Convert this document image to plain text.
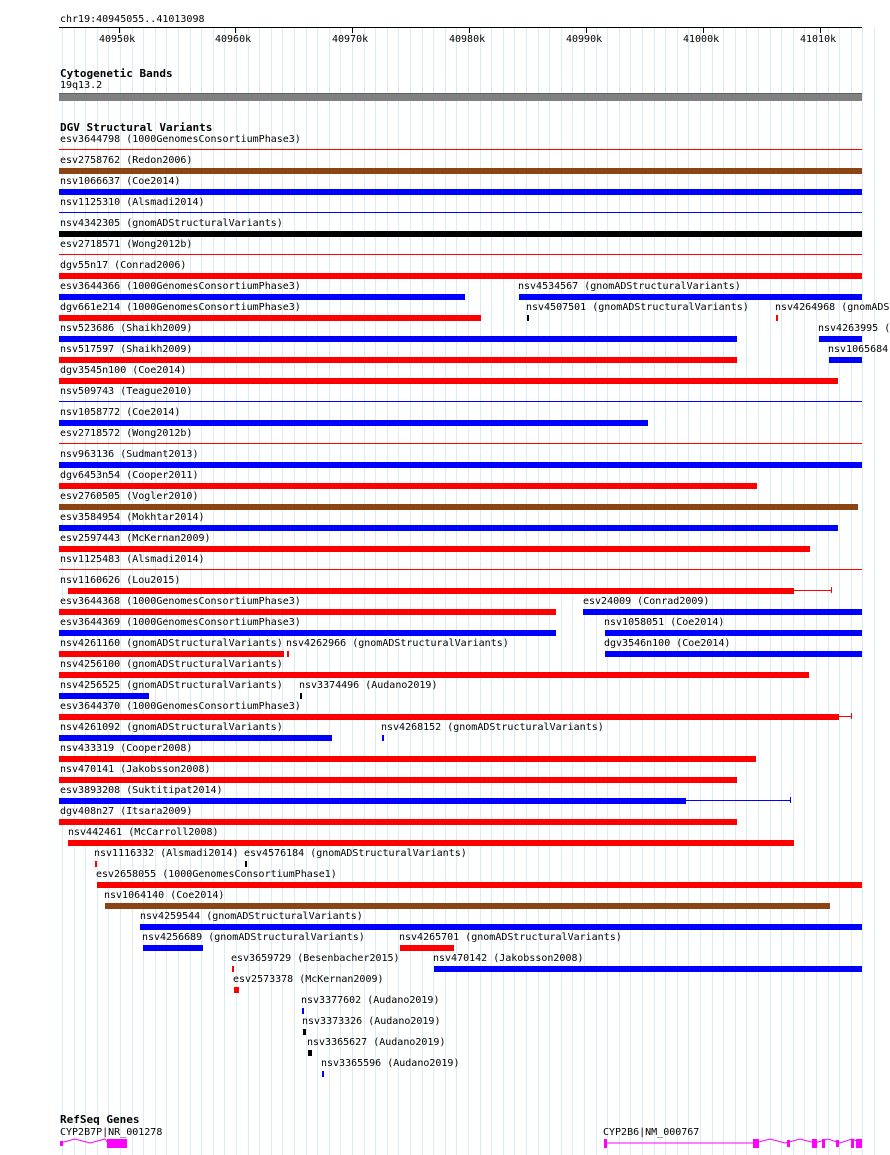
chr19:40945055..41013098
40950k	40960k	40970k	40980k	40990k	41000k	41010k
Cytogenetic Bands
19q13.2
DGV Structural Variants
esv3644798 (1000GenomesConsortiumPhase3)
esv2758762 (Redon2006)
nsv1066637 (Coe2014)
nsv1125310 (Alsmadi2014)
nsv4342305 (gnomADStructuralVariants)
esv2718571 (Wong2012b)
dgv55n17 (Conrad2006)
esv3644366 (1000GenomesConsortiumPhase3)	nsv4534567 (gnomADStructuralVariants)
dgv661e214 (1000GenomesConsortiumPhase3)	nsv4507501 (gnomADStructuralVariants)	nsv4264968 (gnomADS
nsv523686 (Shaikh2009)	nsv4263995 (
nsv517597 (Shaikh2009)	nsv1065684
dgv3545n100 (Coe2014)
nsv509743 (Teague2010)
nsv1058772 (Coe2014)
esv2718572 (Wong2012b)
nsv963136 (Sudmant2013)
dgv6453n54 (Cooper2011)
esv2760505 (Vogler2010)
esv3584954 (Mokhtar2014)
esv2597443 (McKernan2009)
nsv1125483 (Alsmadi2014)
nsv1160626 (Lou2015)
esv3644368 (1000GenomesConsortiumPhase3)	esv24009 (Conrad2009)
esv3644369 (1000GenomesConsortiumPhase3)	nsv1058051 (Coe2014)
nsv4261160 (gnomADStructuralVariants) nsv4262966 (gnomADStructuralVariants)	dgv3546n100 (Coe2014)
nsv4256100 (gnomADStructuralVariants)
nsv4256525 (gnomADStructuralVariants) nsv3374496 (Audano2019)
esv3644370 (1000GenomesConsortiumPhase3)
nsv4261092 (gnomADStructuralVariants)	nsv4268152 (gnomADStructuralVariants)
nsv433319 (Cooper2008)
nsv470141 (Jakobsson2008)
esv3893208 (Suktitipat2014)
dgv408n27 (Itsara2009)
nsv442461 (McCarroll2008)
nsv1116332 (Alsmadi2014) esv4576184 (gnomADStructuralVariants)
esv2658055 (1000GenomesConsortiumPhase1)
nsv1064140 (Coe2014)
nsv4259544 (gnomADStructuralVariants)
nsv4256689 (gnomADStructuralVariants)	nsv4265701 (gnomADStructuralVariants)
esv3659729 (Besenbacher2015)	nsv470142 (Jakobsson2008)
esv2573378 (McKernan2009)
nsv3377602 (Audano2019)
nsv3373326 (Audano2019)
nsv3365627 (Audano2019)
nsv3365596 (Audano2019)
RefSeq Genes
CYP2B7P|NR_001278	CYP2B6|NM_000767
